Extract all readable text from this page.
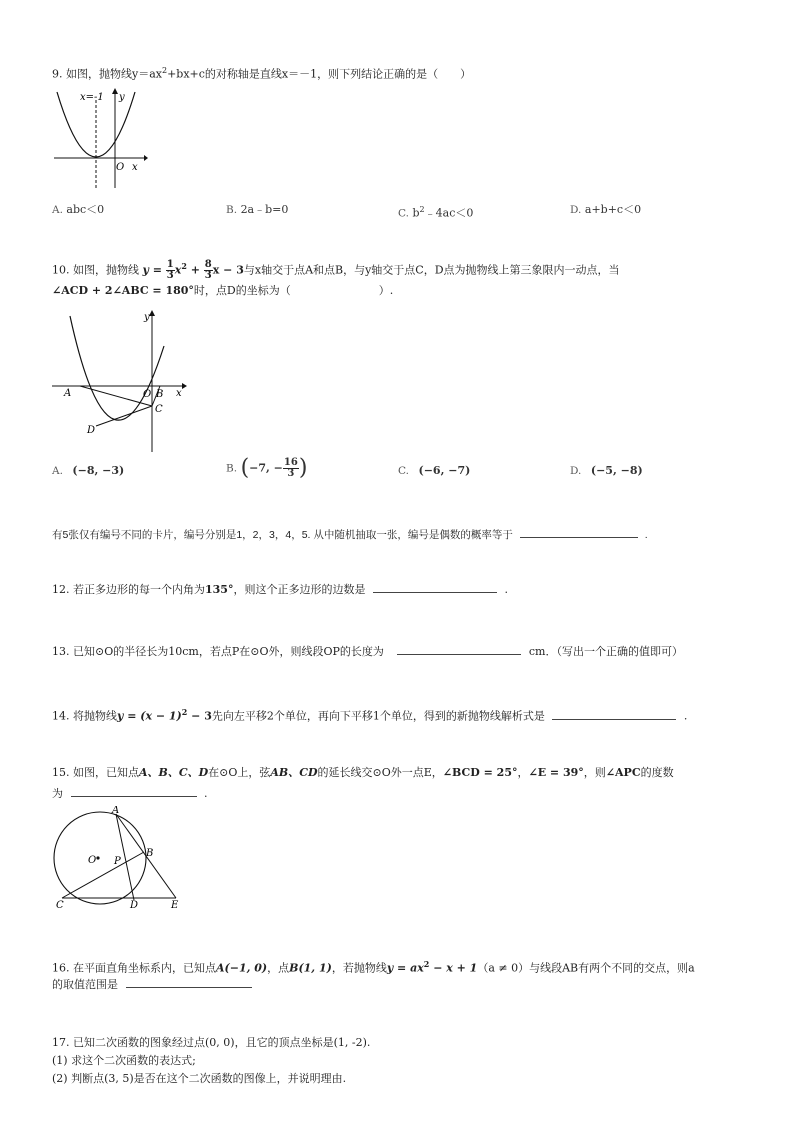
9. 如图，抛物线$y=ax^2+bx+c$的对称轴是直线x＝－1，则下列结论正确的是（　　）
x=-1 y
x
O
A. abc＜0	B. 2a﹣b=0	C. $b^2﹣4ac<0$	D. a+b+c＜0
10. 如图，抛物线 $y = \frac{1}{3} x^2 + \frac{8}{3}$ x − 3与x轴交于点A和点B，与y轴交于点C，D点为抛物线上第三象限内一动点，当
∠ACD + 2∠ABC = 180°时，点D的坐标为（　　　　　　　　）.
A	O B
C
D
x
y
A. (−8, −3)	B. (−7, − $\frac{16}{3}$ )	C. (−6, −7)	D. (−5, −8)
有5张仅有编号不同的卡片，编号分别是1，2，3，4，5. 从中随机抽取一张，编号是偶数的概率等于	.
12. 若正多边形的每一个内角为135°，则这个正多边形的边数是	.
13. 已知⊙O的半径长为10cm，若点P在⊙O外，则线段OP的长度为	cm．（写出一个正确的值即可）
14. 将抛物线$y = (x - 1)^2 - 3$先向左平移2个单位，再向下平移1个单位，得到的新抛物线解析式是	.
15. 如图，已知点A、B、C、D在⊙O上，弦AB、CD的延长线交⊙O外一点E，∠BCD = 25°，∠E = 39°，则∠APC的度数
为	.
A
B
C	D	E
O P
16. 在平面直角坐标系内，已知点A(−1, 0)，点B(1, 1)，若抛物线$y = ax^2 - x + 1(a \ne 0)$与线段AB有两个不同的交点，则a
的取值范围是
17. 已知二次函数的图象经过点(0, 0)，且它的顶点坐标是(1, -2).
(1) 求这个二次函数的表达式;
(2) 判断点(3, 5)是否在这个二次函数的图像上，并说明理由.
